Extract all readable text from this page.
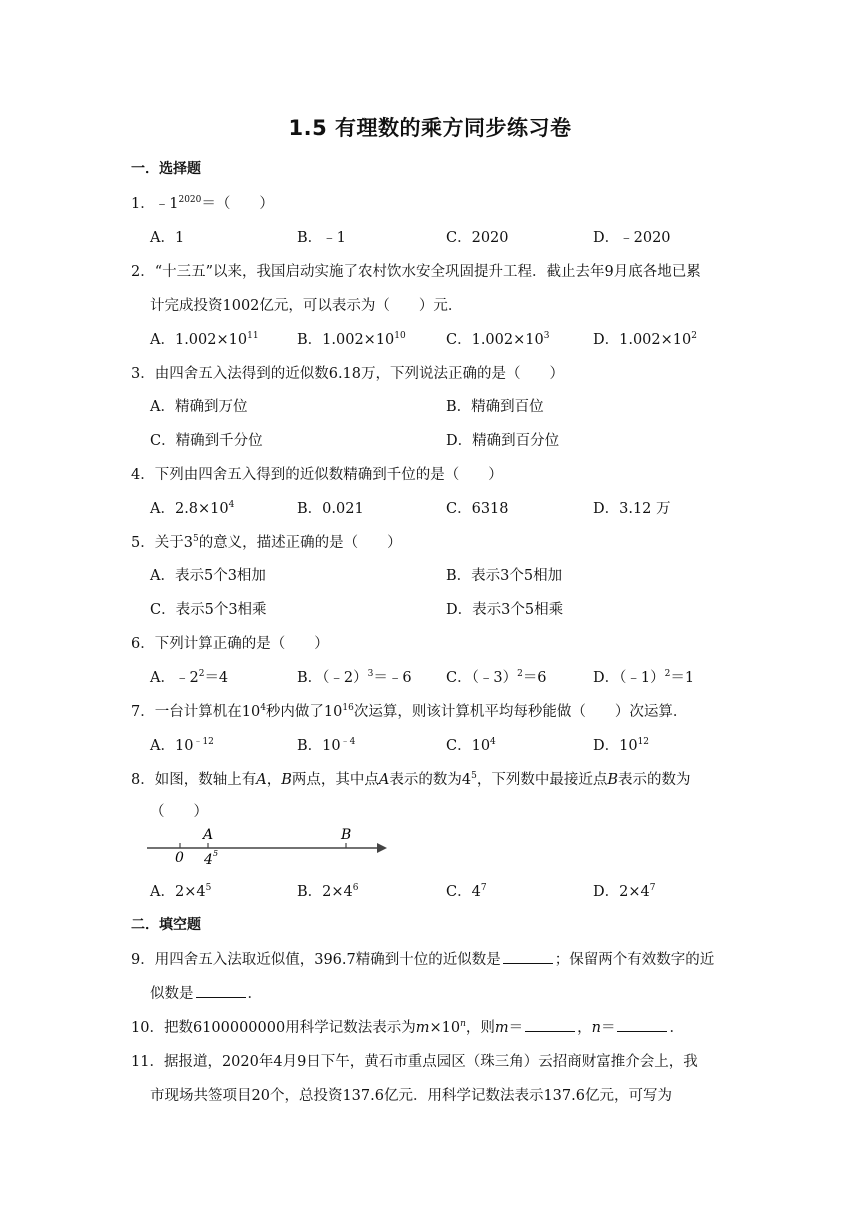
1.5 有理数的乘方同步练习卷
一．选择题
1．$﹣1^{2020}=$（　　）
A．1	B．﹣1	C．2020	D．﹣2020
2．“十三五”以来，我国启动实施了农村饮水安全巩固提升工程．截止去年9月底各地已累
计完成投资1002亿元，可以表示为（　　）元．
A．$1.002\times 10^{11}$	B．$1.002\times 10^{10}$	C．$1.002\times 10^3$	D．$1.002\times 10^2$
3．由四舍五入法得到的近似数6.18万，下列说法正确的是（　　）
A．精确到万位	B．精确到百位
C．精确到千分位	D．精确到百分位
4．下列由四舍五入得到的近似数精确到千位的是（　　）
A．$2.8\times 10^4$	B．0.021	C．6318	D．3.12 万
5．关于$3^5$的意义，描述正确的是（　　）
A．表示5个3相加	B．表示3个5相加
C．表示5个3相乘	D．表示3个5相乘
6．下列计算正确的是（　　）
A．$﹣2^2=4$	B．（﹣2）$^3$＝﹣6 C．（﹣3）$^2$＝6	D．（﹣1）$^2$＝1
7．一台计算机在$10^4$秒内做了$10^{16}$次运算，则该计算机平均每秒能做（　　）次运算．
A．$10^{﹣12}$	B．$10^{﹣4}$	C．$10^4$	D．$10^{12}$
8．如图，数轴上有A，B两点，其中点A表示的数为$4^5$，下列数中最接近点B表示的数为
（　　）
0
A	B
4 5
A．$2\times 4^5$	B．$2\times 4^6$	C．$4^7$	D．$2\times 4^7$
二．填空题
9．用四舍五入法取近似值，396.7精确到十位的近似数是	；保留两个有效数字的近
似数是	．
10．把数6100000000用科学记数法表示为$m\times 10^n$，则m＝	，n＝	．
11．据报道，2020年4月9日下午，黄石市重点园区（珠三角）云招商财富推介会上，我
市现场共签项目20个，总投资137.6亿元．用科学记数法表示137.6亿元，可写为
